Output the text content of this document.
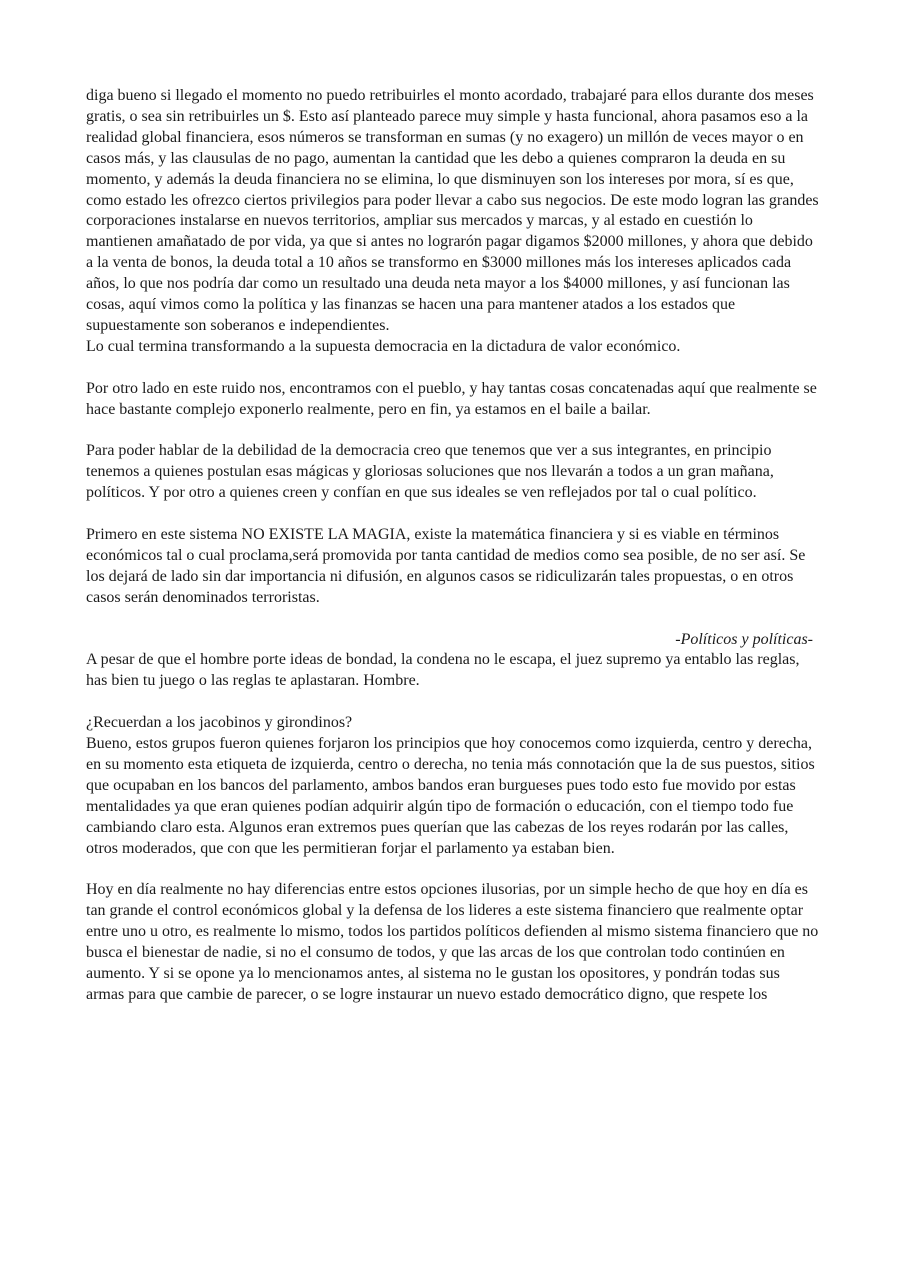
diga bueno si llegado el momento no puedo retribuirles el monto acordado, trabajaré para ellos durante dos meses gratis, o sea sin retribuirles un $. Esto así planteado parece muy simple y hasta funcional, ahora pasamos eso a la realidad global financiera, esos números se transforman en sumas (y no exagero) un millón de veces mayor o en casos más, y las clausulas de no pago, aumentan la cantidad que les debo a quienes compraron la deuda en su momento, y además la deuda financiera no se elimina, lo que disminuyen son los intereses por mora, sí es que, como estado les ofrezco ciertos privilegios para poder llevar a cabo sus negocios. De este modo logran las grandes corporaciones instalarse en nuevos territorios, ampliar sus mercados y marcas, y al estado en cuestión lo mantienen amañatado de por vida, ya que si antes no lograrón pagar digamos $2000 millones, y ahora que debido a la venta de bonos, la deuda total a 10 años se transformo en $3000 millones más los intereses aplicados cada años, lo que nos podría dar como un resultado una deuda neta mayor a los $4000 millones, y así funcionan las cosas, aquí vimos como la política y las finanzas se hacen una para mantener atados a los estados que supuestamente son soberanos e independientes.

Lo cual termina transformando a la supuesta democracia en la dictadura de valor económico.

Por otro lado en este ruido nos, encontramos con el pueblo, y hay tantas cosas concatenadas aquí que realmente se hace bastante complejo exponerlo realmente, pero en fin, ya estamos en el baile a bailar.

Para poder hablar de la debilidad de la democracia creo que tenemos que ver a sus integrantes, en principio tenemos a quienes postulan esas mágicas y gloriosas soluciones que nos llevarán a todos a un gran mañana, políticos. Y por otro a quienes creen y confían en que sus ideales se ven reflejados por tal o cual político.

Primero en este sistema NO EXISTE LA MAGIA, existe la matemática financiera y si es viable en términos económicos tal o cual proclama,será promovida por tanta cantidad de medios como sea posible, de no ser así. Se los dejará de lado sin dar importancia ni difusión, en algunos casos se ridiculizarán tales propuestas, o en otros casos serán denominados terroristas.

-Políticos y políticas-

A pesar de que el hombre porte ideas de bondad, la condena no le escapa, el juez supremo ya entablo las reglas, has bien tu juego o las reglas te aplastaran. Hombre.

¿Recuerdan a los jacobinos y girondinos?

Bueno, estos grupos fueron quienes forjaron los principios que hoy conocemos como izquierda, centro y derecha, en su momento esta etiqueta de izquierda, centro o derecha, no tenia más connotación que la de sus puestos, sitios que ocupaban en los bancos del parlamento, ambos bandos eran burgueses pues todo esto fue movido por estas mentalidades ya que eran quienes podían adquirir algún tipo de formación o educación, con el tiempo todo fue cambiando claro esta. Algunos eran extremos pues querían que las cabezas de los reyes rodarán por las calles, otros moderados, que con que les permitieran forjar el parlamento ya estaban bien.

Hoy en día realmente no hay diferencias entre estos opciones ilusorias, por un simple hecho de que hoy en día es tan grande el control económicos global y la defensa de los lideres a este sistema financiero que realmente optar entre uno u otro, es realmente lo mismo, todos los partidos políticos defienden al mismo sistema financiero que no busca el bienestar de nadie, si no el consumo de todos, y que las arcas de los que controlan todo continúen en aumento. Y si se opone ya lo mencionamos antes, al sistema no le gustan los opositores, y pondrán todas sus armas para que cambie de parecer, o se logre instaurar un nuevo estado democrático digno, que respete los
